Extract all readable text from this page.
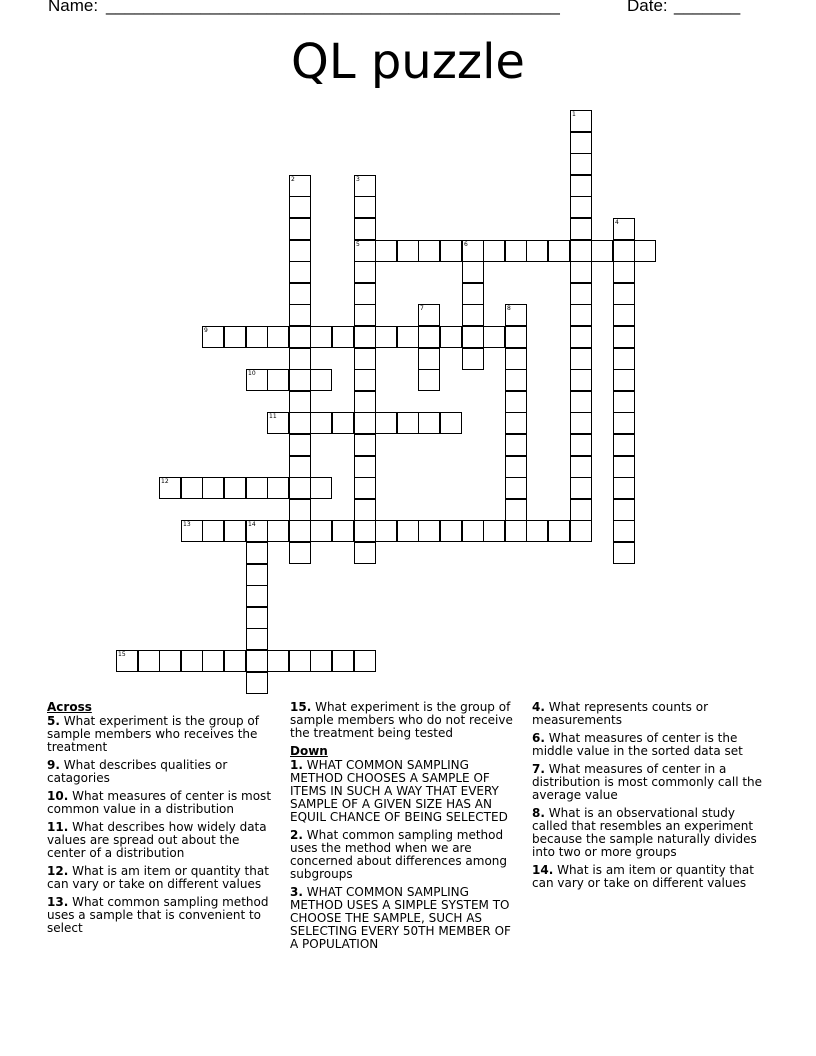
Name: ________________________________________________	Date: _______
QL puzzle
1
2	3
5
4
6
7	8
9
10
11
12
13	14
15
Across
5. What experiment is the group of sample members who receives the treatment
9. What describes qualities or catagories
10. What measures of center is most common value in a distribution
11. What describes how widely data values are spread out about the center of a distribution
12. What is am item or quantity that can vary or take on different values
13. What common sampling method uses a sample that is convenient to select
15. What experiment is the group of sample members who do not receive the treatment being tested
Down
1. WHAT COMMON SAMPLING METHOD CHOOSES A SAMPLE OF ITEMS IN SUCH A WAY THAT EVERY SAMPLE OF A GIVEN SIZE HAS AN EQUIL CHANCE OF BEING SELECTED
2. What common sampling method uses the method when we are concerned about differences among subgroups
3. WHAT COMMON SAMPLING METHOD USES A SIMPLE SYSTEM TO CHOOSE THE SAMPLE, SUCH AS SELECTING EVERY 50TH MEMBER OF A POPULATION
4. What represents counts or measurements
6. What measures of center is the middle value in the sorted data set
7. What measures of center in a distribution is most commonly call the average value
8. What is an observational study called that resembles an experiment because the sample naturally divides into two or more groups
14. What is am item or quantity that can vary or take on different values
